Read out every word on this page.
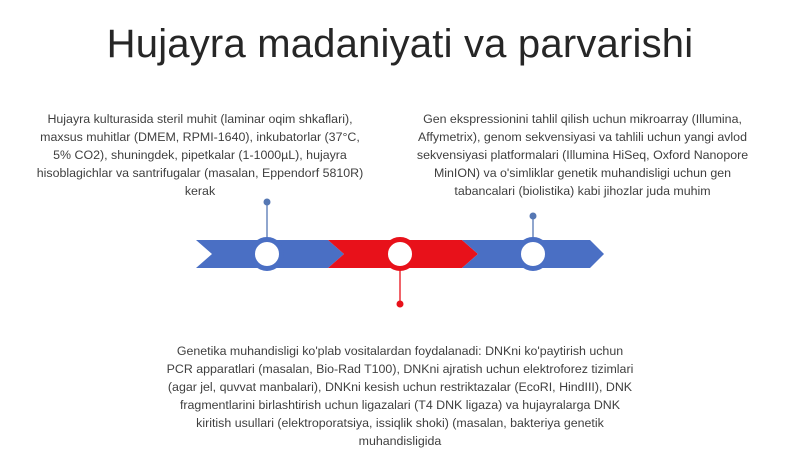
Hujayra madaniyati va parvarishi
Hujayra kulturasida steril muhit (laminar oqim shkaflari), maxsus muhitlar (DMEM, RPMI-1640), inkubatorlar (37°C, 5% CO2), shuningdek, pipetkalar (1-1000µL), hujayra hisoblagichlar va santrifugalar (masalan, Eppendorf 5810R) kerak
Gen ekspressionini tahlil qilish uchun mikroarray (Illumina, Affymetrix), genom sekvensiyasi va tahlili uchun yangi avlod sekvensiyasi platformalari (Illumina HiSeq, Oxford Nanopore MinION) va o'simliklar genetik muhandisligi uchun gen tabancalari (biolistika) kabi jihozlar juda muhim
Genetika muhandisligi ko'plab vositalardan foydalanadi: DNKni ko'paytirish uchun PCR apparatlari (masalan, Bio-Rad T100), DNKni ajratish uchun elektroforez tizimlari (agar jel, quvvat manbalari), DNKni kesish uchun restriktazalar (EcoRI, HindIII), DNK fragmentlarini birlashtirish uchun ligazalari (T4 DNK ligaza) va hujayralarga DNK kiritish usullari (elektroporatsiya, issiqlik shoki) (masalan, bakteriya genetik muhandisligida
